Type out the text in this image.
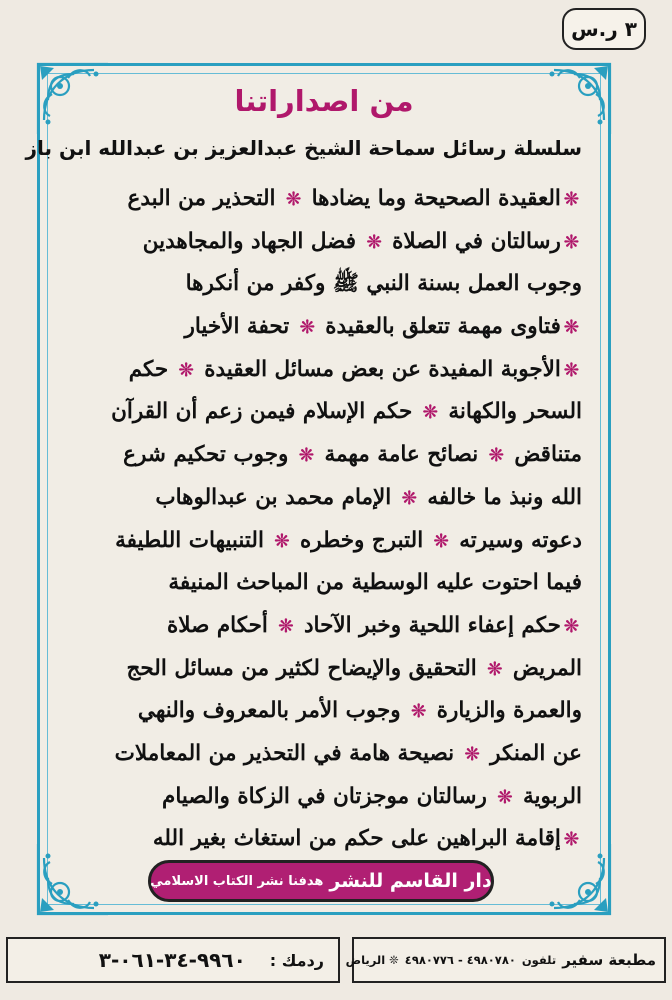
٣ ر.س
من اصداراتنا
سلسلة رسائل سماحة الشيخ عبدالعزيز بن عبدالله ابن باز
❊العقيدة الصحيحة وما يضادها ❊ التحذير من البدع
❊رسالتان في الصلاة ❊ فضل الجهاد والمجاهدين
وجوب العمل بسنة النبي ﷺ وكفر من أنكرها
❊فتاوى مهمة تتعلق بالعقيدة ❊ تحفة الأخيار
❊الأجوبة المفيدة عن بعض مسائل العقيدة ❊ حكم
السحر والكهانة ❊ حكم الإسلام فيمن زعم أن القرآن
متناقض ❊ نصائح عامة مهمة ❊ وجوب تحكيم شرع
الله ونبذ ما خالفه ❊ الإمام محمد بن عبدالوهاب
دعوته وسيرته ❊ التبرج وخطره ❊ التنبيهات اللطيفة
فيما احتوت عليه الوسطية من المباحث المنيفة
❊حكم إعفاء اللحية وخبر الآحاد ❊ أحكام صلاة
المريض ❊ التحقيق والإيضاح لكثير من مسائل الحج
والعمرة والزيارة ❊ وجوب الأمر بالمعروف والنهي
عن المنكر ❊ نصيحة هامة في التحذير من المعاملات
الربوية ❊ رسالتان موجزتان في الزكاة والصيام
❊إقامة البراهين على حكم من استغاث بغير الله
دار القاسم للنشر
هدفنا نشر الكتاب الاسلامي
مطبعة سفير
تلفون
٤٩٨٠٧٨٠ - ٤٩٨٠٧٧٦
❊ الرياض
ردمك :
٩٩٦٠-٣٤-٠٦١-٣
